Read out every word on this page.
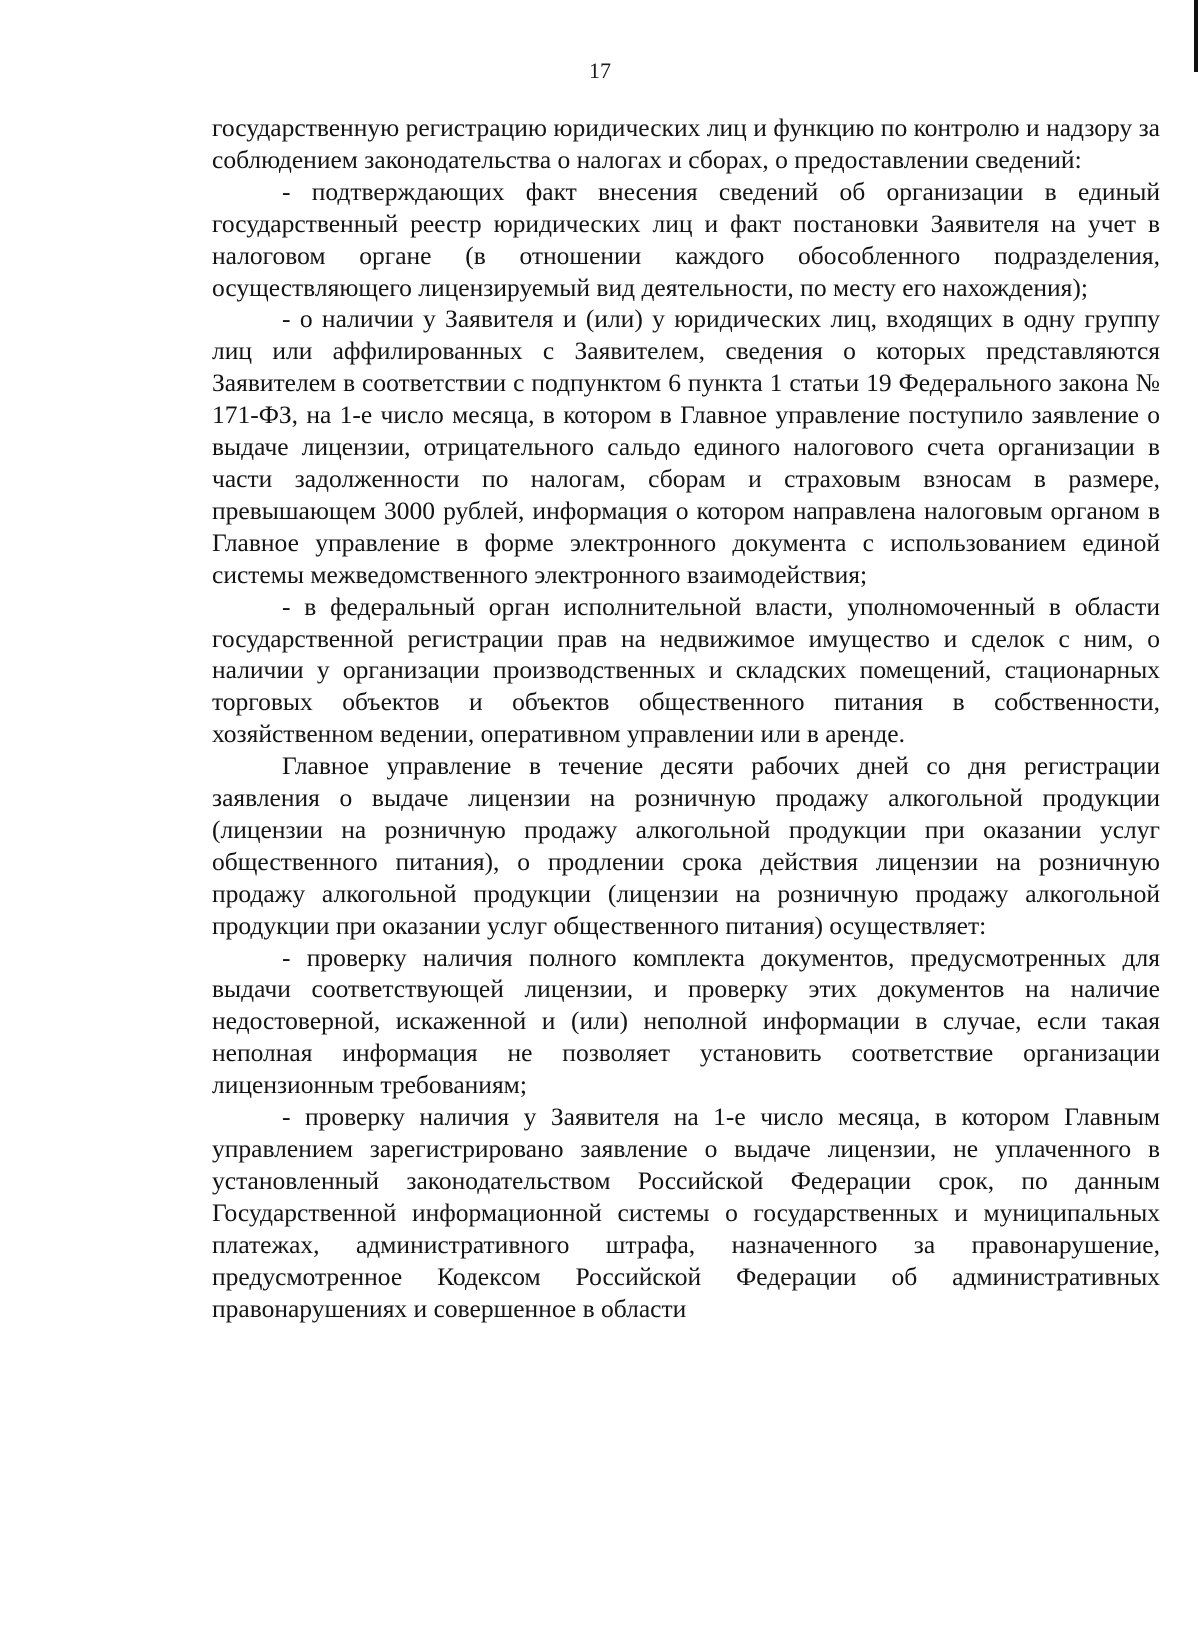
17

государственную регистрацию юридических лиц и функцию по контролю и надзору за соблюдением законодательства о налогах и сборах, о предоставлении сведений:

- подтверждающих факт внесения сведений об организации в единый государственный реестр юридических лиц и факт постановки Заявителя на учет в налоговом органе (в отношении каждого обособленного подразделения, осуществляющего лицензируемый вид деятельности, по месту его нахождения);

- о наличии у Заявителя и (или) у юридических лиц, входящих в одну группу лиц или аффилированных с Заявителем, сведения о которых представляются Заявителем в соответствии с подпунктом 6 пункта 1 статьи 19 Федерального закона № 171-ФЗ, на 1-е число месяца, в котором в Главное управление поступило заявление о выдаче лицензии, отрицательного сальдо единого налогового счета организации в части задолженности по налогам, сборам и страховым взносам в размере, превышающем 3000 рублей, информация о котором направлена налоговым органом в Главное управление в форме электронного документа с использованием единой системы межведомственного электронного взаимодействия;

- в федеральный орган исполнительной власти, уполномоченный в области государственной регистрации прав на недвижимое имущество и сделок с ним, о наличии у организации производственных и складских помещений, стационарных торговых объектов и объектов общественного питания в собственности, хозяйственном ведении, оперативном управлении или в аренде.

Главное управление в течение десяти рабочих дней со дня регистрации заявления о выдаче лицензии на розничную продажу алкогольной продукции (лицензии на розничную продажу алкогольной продукции при оказании услуг общественного питания), о продлении срока действия лицензии на розничную продажу алкогольной продукции (лицензии на розничную продажу алкогольной продукции при оказании услуг общественного питания) осуществляет:

- проверку наличия полного комплекта документов, предусмотренных для выдачи соответствующей лицензии, и проверку этих документов на наличие недостоверной, искаженной и (или) неполной информации в случае, если такая неполная информация не позволяет установить соответствие организации лицензионным требованиям;

- проверку наличия у Заявителя на 1-е число месяца, в котором Главным управлением зарегистрировано заявление о выдаче лицензии, не уплаченного в установленный законодательством Российской Федерации срок, по данным Государственной информационной системы о государственных и муниципальных платежах, административного штрафа, назначенного за правонарушение, предусмотренное Кодексом Российской Федерации об административных правонарушениях и совершенное в области
